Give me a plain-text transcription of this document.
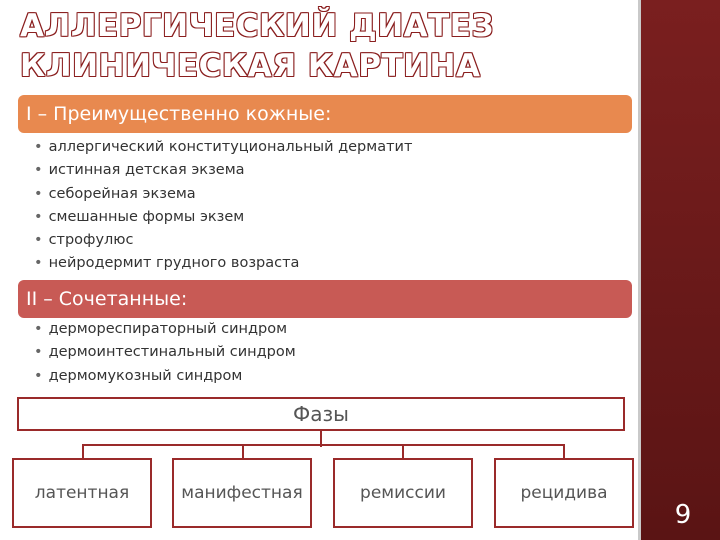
9
АЛЛЕРГИЧЕСКИЙ ДИАТЕЗ
КЛИНИЧЕСКАЯ КАРТИНА
I – Преимущественно кожные:
• аллергический конституциональный дерматит
• истинная детская экзема
• себорейная экзема
• смешанные формы экзем
• строфулюс
• нейродермит грудного возраста
II – Сочетанные:
• дермореспираторный синдром
• дермоинтестинальный синдром
• дермомукозный синдром
Фазы
латентная	манифестная	ремиссии	рецидива
